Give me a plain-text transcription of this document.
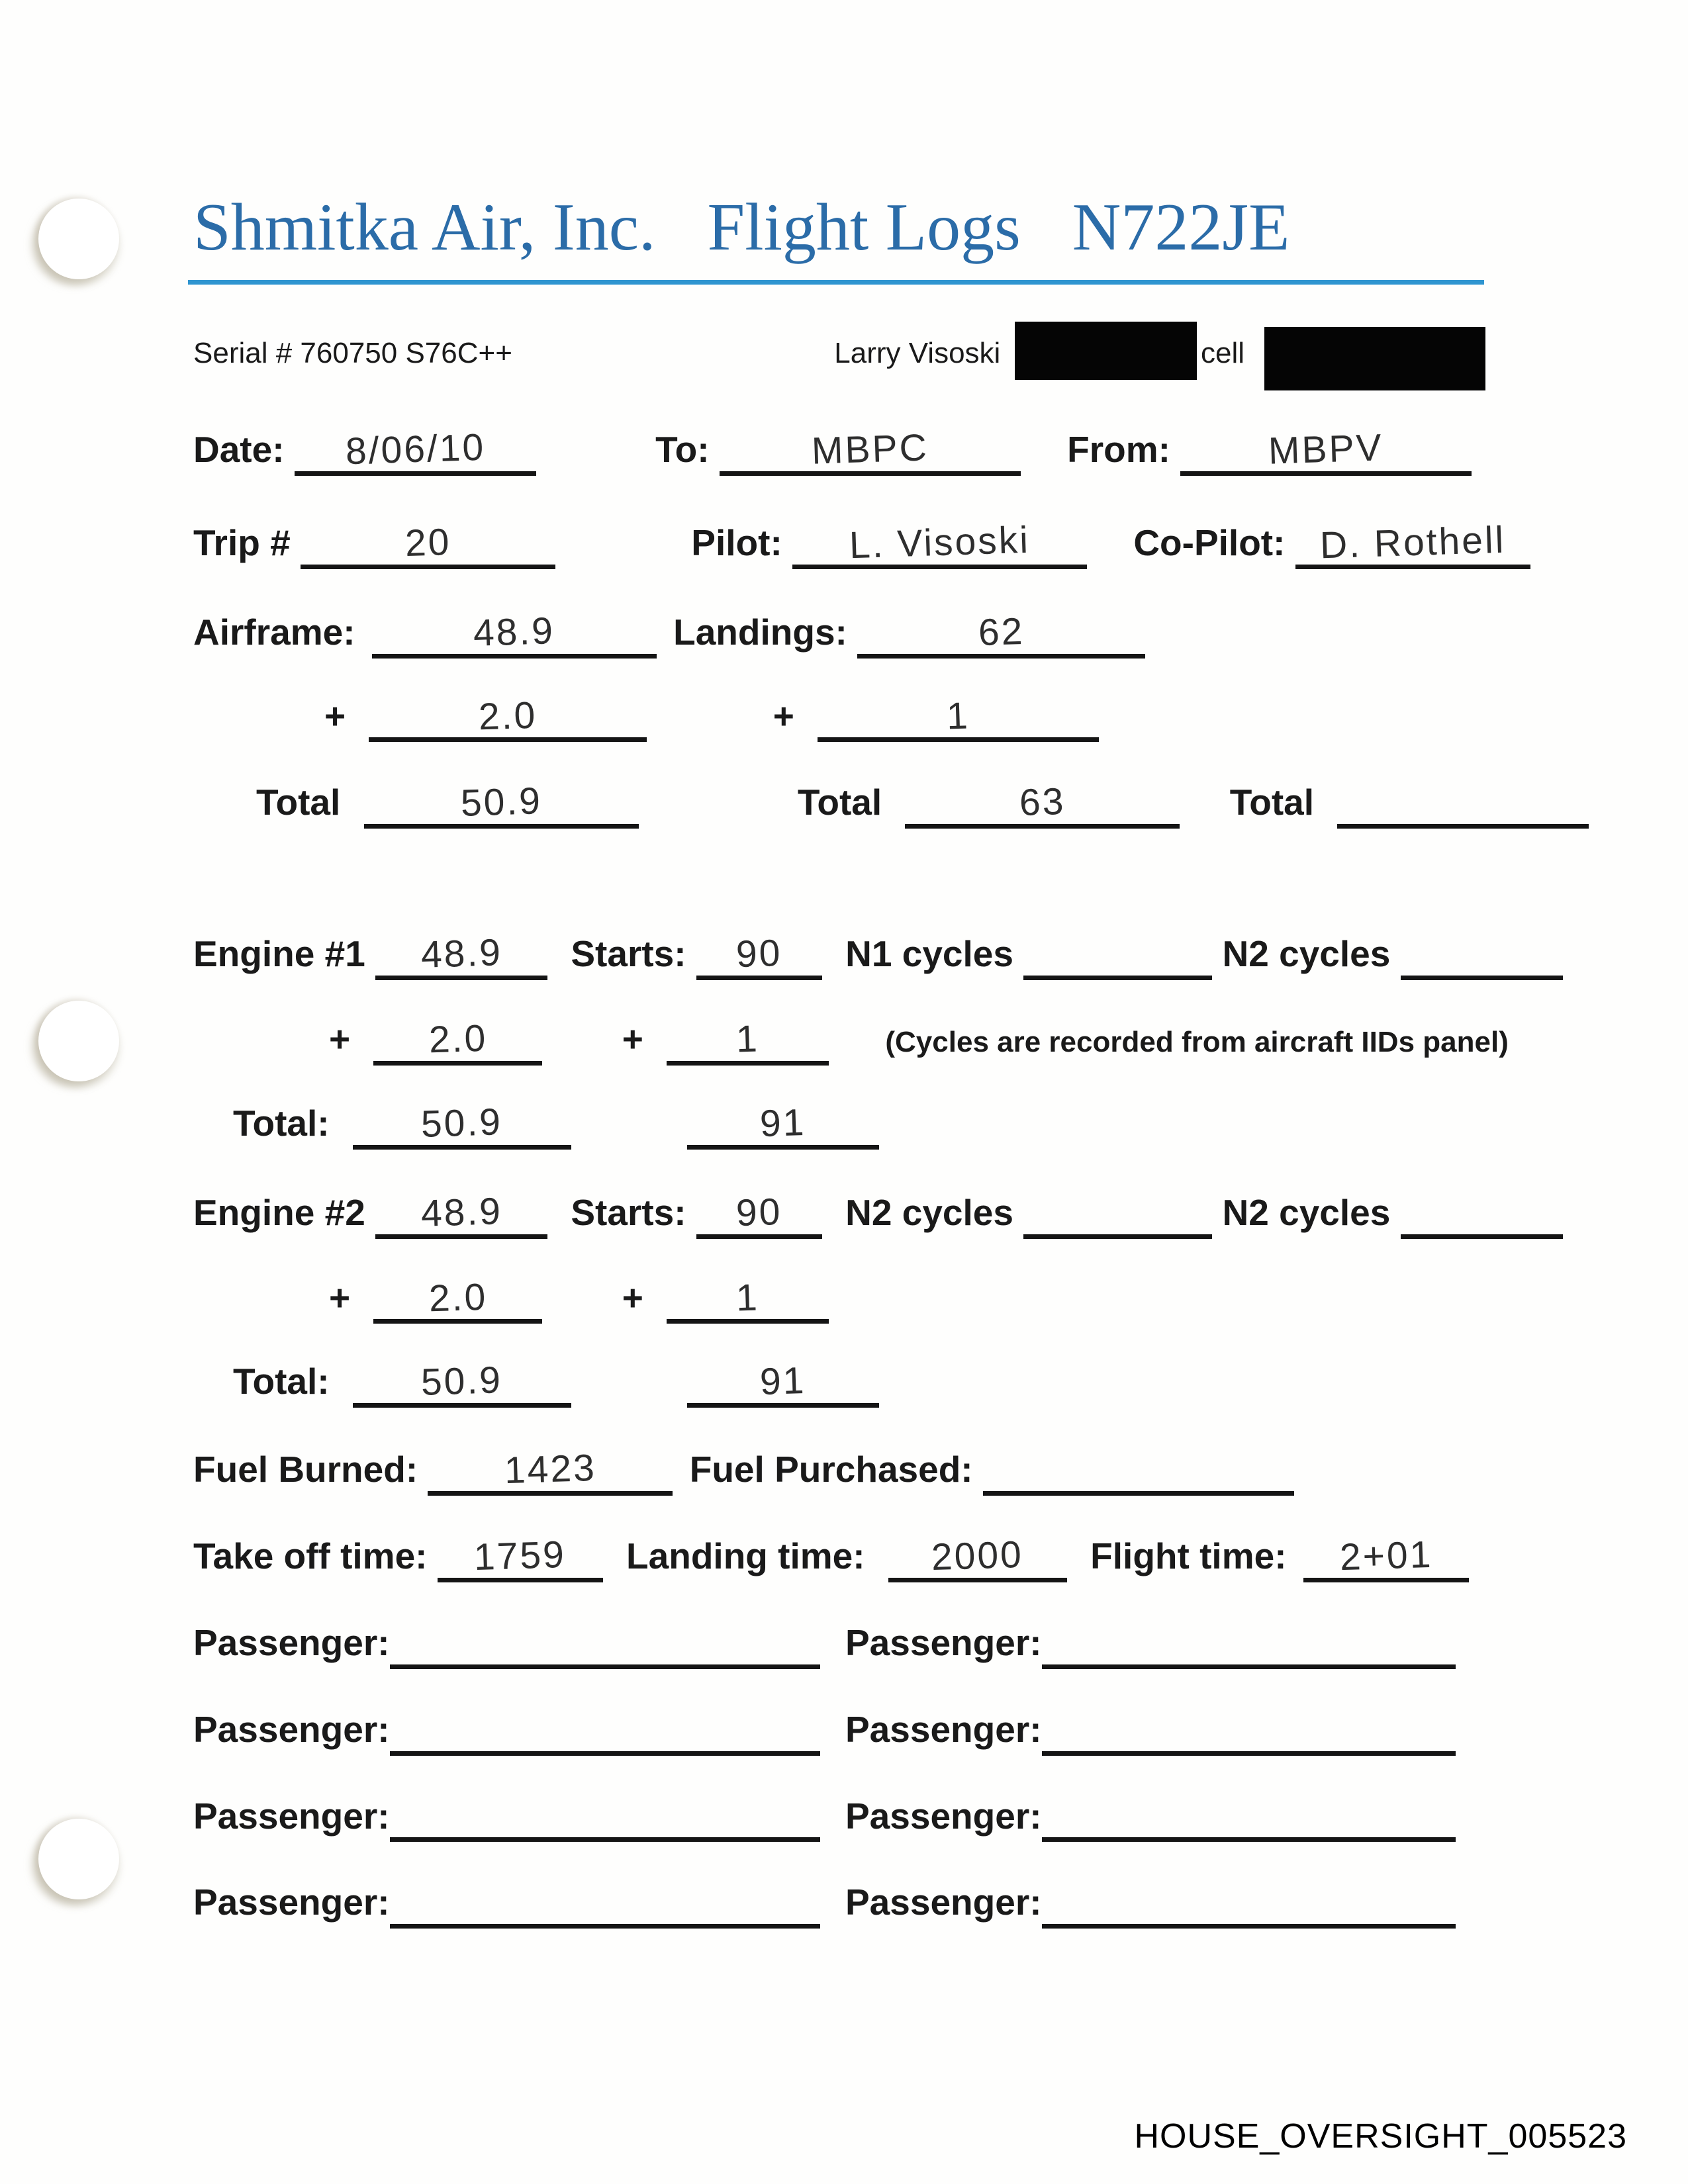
Shmitka Air, Inc. Flight Logs N722JE
Serial # 760750 S76C++	Larry Visoski	cell
Date: 8/06/10	To:	MBPC	From:	MBPV
Trip #	20	Pilot: L. Visoski	Co-Pilot: D. Rothell
Airframe:	48.9	Landings:	62
+	2.0	+	1
Total	50.9	Total	63	Total
Engine #1 48.9 Starts: 90 N1 cycles	N2 cycles
+ 2.0	+ 1	(Cycles are recorded from aircraft IIDs panel)
Total: 50.9	91
Engine #2 48.9 Starts: 90 N2 cycles	N2 cycles
+ 2.0	+ 1
Total: 50.9	91
Fuel Burned: 1423	Fuel Purchased:
Take off time: 1759 Landing time: 2000 Flight time: 2+01
Passenger:	Passenger:
Passenger:	Passenger:
Passenger:	Passenger:
Passenger:	Passenger:
HOUSE_OVERSIGHT_005523
